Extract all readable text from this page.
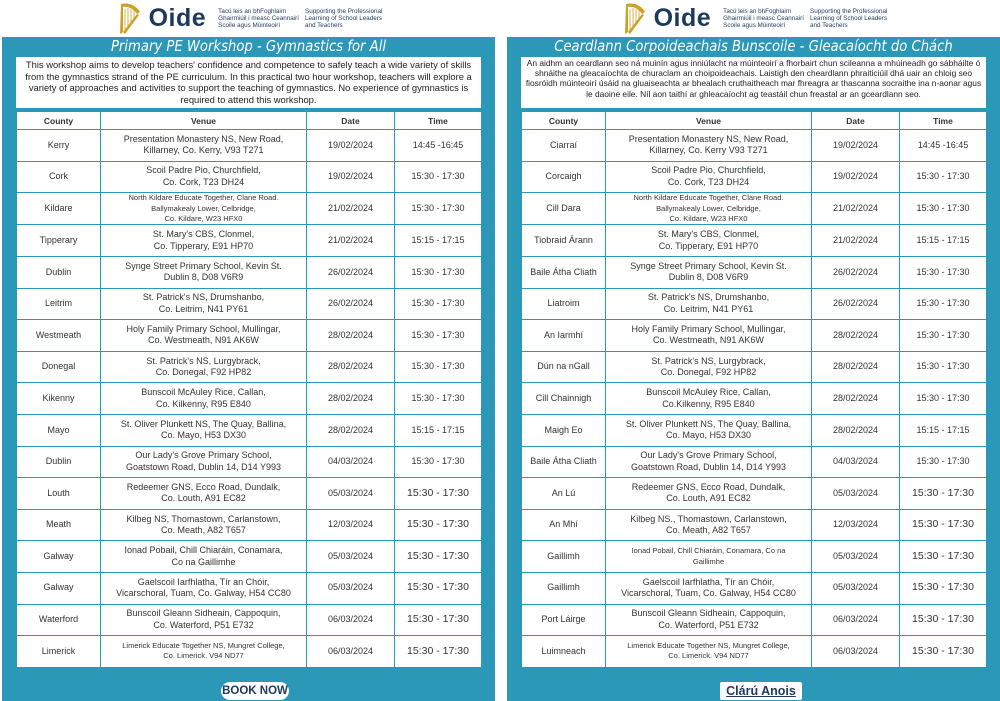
Oide Tacú leis an bhFoghlaim
Ghairmiúil i measc Ceannairí
Scoile agus Múinteoirí
Supporting the Professional
Learning of School Leaders
and Teachers
Primary PE Workshop - Gymnastics for All
This workshop aims to develop teachers' confidence and competence to safely teach a wide variety of skills from the gymnastics strand of the PE curriculum. In this practical two hour workshop, teachers will explore a variety of approaches and activities to support the teaching of gymnastics. No experience of gymnastics is required to attend this workshop.
County	Venue	Date	Time
Kerry	Presentation Monastery NS, New Road,
Killarney, Co. Kerry, V93 T271	19/02/2024	14:45 -16:45
Cork	Scoil Padre Pio, Churchfield,
Co. Cork, T23 DH24	19/02/2024	15:30 - 17:30
Kildare	North Kildare Educate Together, Clane Road.
Ballymakealy Lower, Celbridge,
Co. Kildare, W23 HFX0	21/02/2024	15:30 - 17:30
Tipperary	St. Mary's CBS, Clonmel,
Co. Tipperary, E91 HP70	21/02/2024	15:15 - 17:15
Dublin	Synge Street Primary School, Kevin St.
Dublin 8, D08 V6R9	26/02/2024	15:30 - 17:30
Leitrim	St. Patrick's NS, Drumshanbo,
Co. Leitrim, N41 PY61	26/02/2024	15:30 - 17:30
Westmeath	Holy Family Primary School, Mullingar,
Co. Westmeath, N91 AK6W	28/02/2024	15:30 - 17:30
Donegal	St. Patrick's NS, Lurgybrack,
Co. Donegal, F92 HP82	28/02/2024	15:30 - 17:30
Kikenny	Bunscoil McAuley Rice, Callan,
Co. Kilkenny, R95 E840	28/02/2024	15:30 - 17:30
Mayo	St. Oliver Plunkett NS, The Quay, Ballina,
Co. Mayo, H53 DX30	28/02/2024	15:15 - 17:15
Dublin	Our Lady's Grove Primary School,
Goatstown Road, Dublin 14, D14 Y993	04/03/2024	15:30 - 17:30
Louth	Redeemer GNS, Ecco Road, Dundalk,
Co. Louth, A91 EC82	05/03/2024	15:30 - 17:30
Meath	Kilbeg NS, Thomastown, Carlanstown,
Co. Meath, A82 T657	12/03/2024	15:30 - 17:30
Galway	Ionad Pobail, Chill Chiaráin, Conamara,
Co na Gaillimhe	05/03/2024	15:30 - 17:30
Galway	Gaelscoil Iarfhlatha, Tír an Chóir,
Vicarschoral, Tuam, Co. Galway, H54 CC80	05/03/2024	15:30 - 17:30
Waterford	Bunscoil Gleann Sidheain, Cappoquin,
Co. Waterford, P51 E732	06/03/2024	15:30 - 17:30
Limerick	Limerick Educate Together NS, Mungret College,
Co. Limerick. V94 ND77	06/03/2024	15:30 - 17:30
BOOK NOW
Oide Tacú leis an bhFoghlaim
Ghairmiúil i measc Ceannairí
Scoile agus Múinteoirí
Supporting the Professional
Learning of School Leaders
and Teachers
Ceardlann Corpoideachais Bunscoile - Gleacaíocht do Chách
An aidhm an ceardlann seo ná muinín agus inniúlacht na múinteoirí a fhorbairt chun scileanna a mhúineadh go sábháilte ó shnáithe na gleacaíochta de churaclam an choipoideachais. Laistigh den cheardlann phraiticiúil dhá uair an chloig seo fiosróidh múinteoirí úsáid na gluaiseachta ar bhealach cruthaitheach mar fhreagra ar thascanna socraithe ina n-aonar agus le daoine eile. Níl aon taithí ar ghleacaíocht ag teastáil chun freastal ar an gceardlann seo.
County	Venue	Date	Time
Ciarraí	Presentation Monastery NS, New Road,
Killarney, Co. Kerry V93 T271	19/02/2024	14:45 -16:45
Corcaigh	Scoil Padre Pio, Churchfield,
Co. Cork, T23 DH24	19/02/2024	15:30 - 17:30
Cill Dara	North Kildare Educate Together, Clane Road.
Ballymakealy Lower, Celbridge,
Co. Kildare, W23 HFX0	21/02/2024	15:30 - 17:30
Tiobraid Árann	St. Mary's CBS, Clonmel,
Co. Tipperary, E91 HP70	21/02/2024	15:15 - 17:15
Baile Átha Cliath	Synge Street Primary School, Kevin St.
Dublin 8, D08 V6R9	26/02/2024	15:30 - 17:30
Liatroim	St. Patrick's NS, Drumshanbo,
Co. Leitrim, N41 PY61	26/02/2024	15:30 - 17:30
An Iarmhí	Holy Family Primary School, Mullingar,
Co. Westmeath, N91 AK6W	28/02/2024	15:30 - 17:30
Dún na nGall	St. Patrick's NS, Lurgybrack,
Co. Donegal, F92 HP82	28/02/2024	15:30 - 17:30
Cill Chainnigh	Bunscoil McAuley Rice, Callan,
Co.Kilkenny, R95 E840	28/02/2024	15:30 - 17:30
Maigh Eo	St. Oliver Plunkett NS, The Quay, Ballina,
Co. Mayo, H53 DX30	28/02/2024	15:15 - 17:15
Baile Átha Cliath	Our Lady's Grove Primary School,
Goatstown Road, Dublin 14, D14 Y993	04/03/2024	15:30 - 17:30
An Lú	Redeemer GNS, Ecco Road, Dundalk,
Co. Louth, A91 EC82	05/03/2024	15:30 - 17:30
An Mhí	Kilbeg NS., Thomastown, Carlanstown,
Co. Meath, A82 T657	12/03/2024	15:30 - 17:30
Gaillimh	Ionad Pobail, Chill Chiaráin, Conamara, Co na
Gaillimhe	05/03/2024	15:30 - 17:30
Gaillimh	Gaelscoil Iarfhlatha, Tír an Chóir,
Vicarschoral, Tuam, Co. Galway, H54 CC80	05/03/2024	15:30 - 17:30
Port Láirge	Bunscoil Gleann Sidheain, Cappoquin,
Co. Waterford, P51 E732	06/03/2024	15:30 - 17:30
Luimneach	Limerick Educate Together NS, Mungret College,
Co. Limerick. V94 ND77	06/03/2024	15:30 - 17:30
Clárú Anois
